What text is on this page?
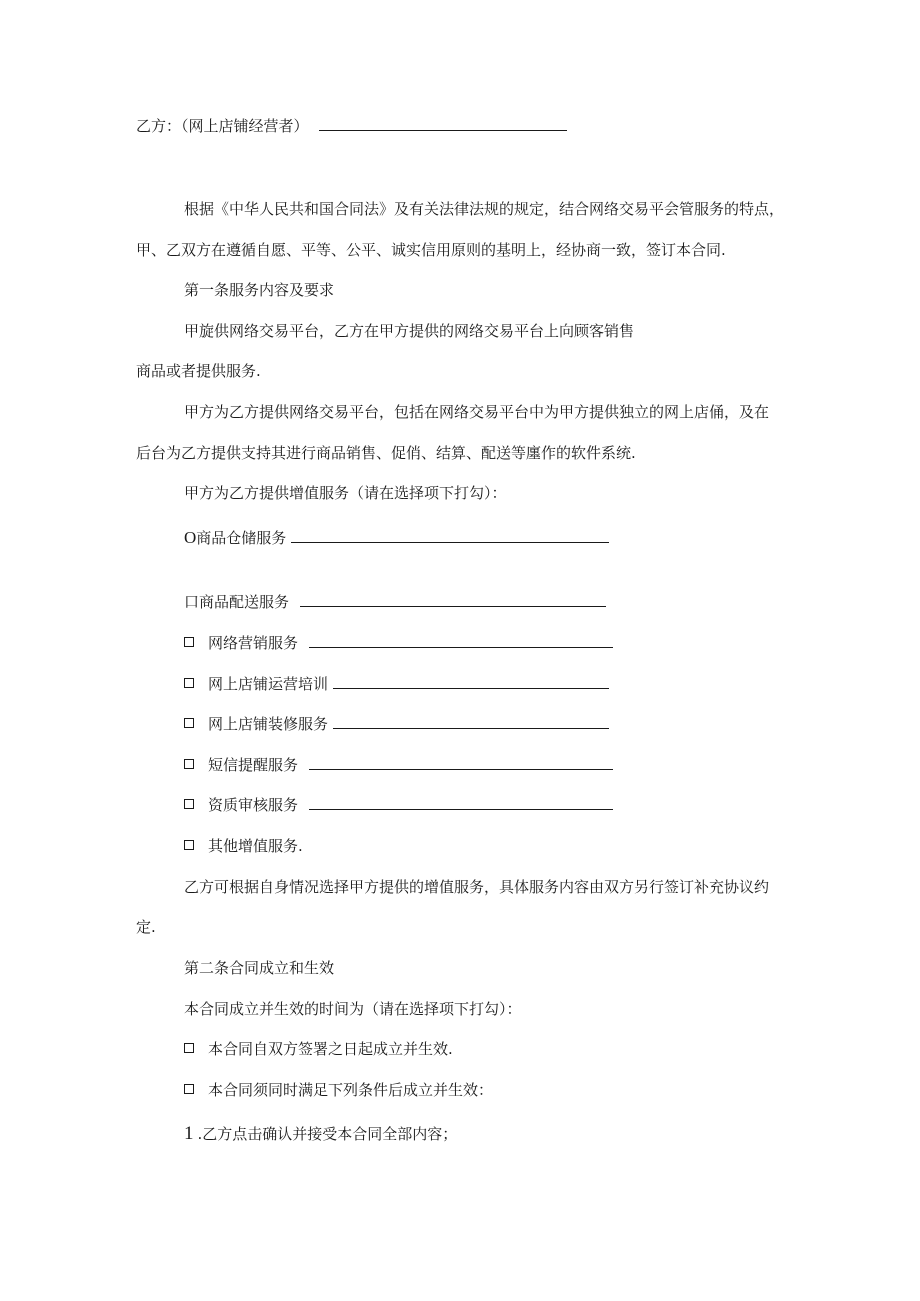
乙方：（网上店铺经营者）
根据《中华人民共和国合同法》及有关法律法规的规定，结合网络交易平会管服务的特点，
甲、乙双方在遵循自愿、平等、公平、诚实信用原则的基明上，经协商一致，签订本合同.
第一条服务内容及要求
甲旋供网络交易平台，乙方在甲方提供的网络交易平台上向顾客销售
商品或者提供服务.
甲方为乙方提供网络交易平台，包括在网络交易平台中为甲方提供独立的网上店俑，及在
后台为乙方提供支持其进行商品销售、促俏、结算、配送等廛作的软件系统.
甲方为乙方提供增值服务（请在选择项下打勾）：
O商品仓储服务
口商品配送服务
网络营销服务
网上店铺运营培训
网上店铺装修服务
短信提醒服务
资质审核服务
其他增值服务.
乙方可根据自身情况选择甲方提供的增值服务，具体服务内容由双方另行签订补充协议约
定.
第二条合同成立和生效
本合同成立并生效的时间为（请在选择项下打勾）：
本合同自双方签署之日起成立并生效.
本合同须同时满足下列条件后成立并生效：
1 .乙方点击确认并接受本合同全部内容；
